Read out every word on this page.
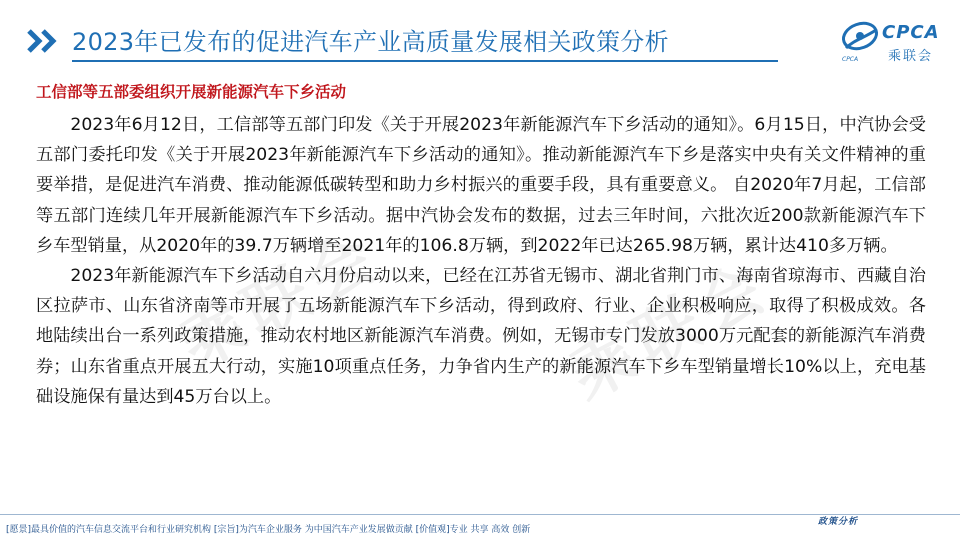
2023年已发布的促进汽车产业高质量发展相关政策分析	CPCA
乘联会
CPCA
乘联会	乘联会
工信部等五部委组织开展新能源汽车下乡活动

2023年6月12日，工信部等五部门印发《关于开展2023年新能源汽车下乡活动的通知》。6月15日，中汽协会受五部门委托印发《关于开展2023年新能源汽车下乡活动的通知》。推动新能源汽车下乡是落实中央有关文件精神的重要举措，是促进汽车消费、推动能源低碳转型和助力乡村振兴的重要手段，具有重要意义。 自2020年7月起，工信部等五部门连续几年开展新能源汽车下乡活动。据中汽协会发布的数据，过去三年时间，六批次近200款新能源汽车下乡车型销量，从2020年的39.7万辆增至2021年的106.8万辆，到2022年已达265.98万辆，累计达410多万辆。

2023年新能源汽车下乡活动自六月份启动以来，已经在江苏省无锡市、湖北省荆门市、海南省琼海市、西藏自治区拉萨市、山东省济南等市开展了五场新能源汽车下乡活动，得到政府、行业、企业积极响应，取得了积极成效。各地陆续出台一系列政策措施，推动农村地区新能源汽车消费。例如，无锡市专门发放3000万元配套的新能源汽车消费券；山东省重点开展五大行动，实施10项重点任务，力争省内生产的新能源汽车下乡车型销量增长10%以上，充电基础设施保有量达到45万台以上。

[愿景]最具价值的汽车信息交流平台和行业研究机构 [宗旨]为汽车企业服务 为中国汽车产业发展做贡献 [价值观]专业 共享 高效 创新
政策分析
